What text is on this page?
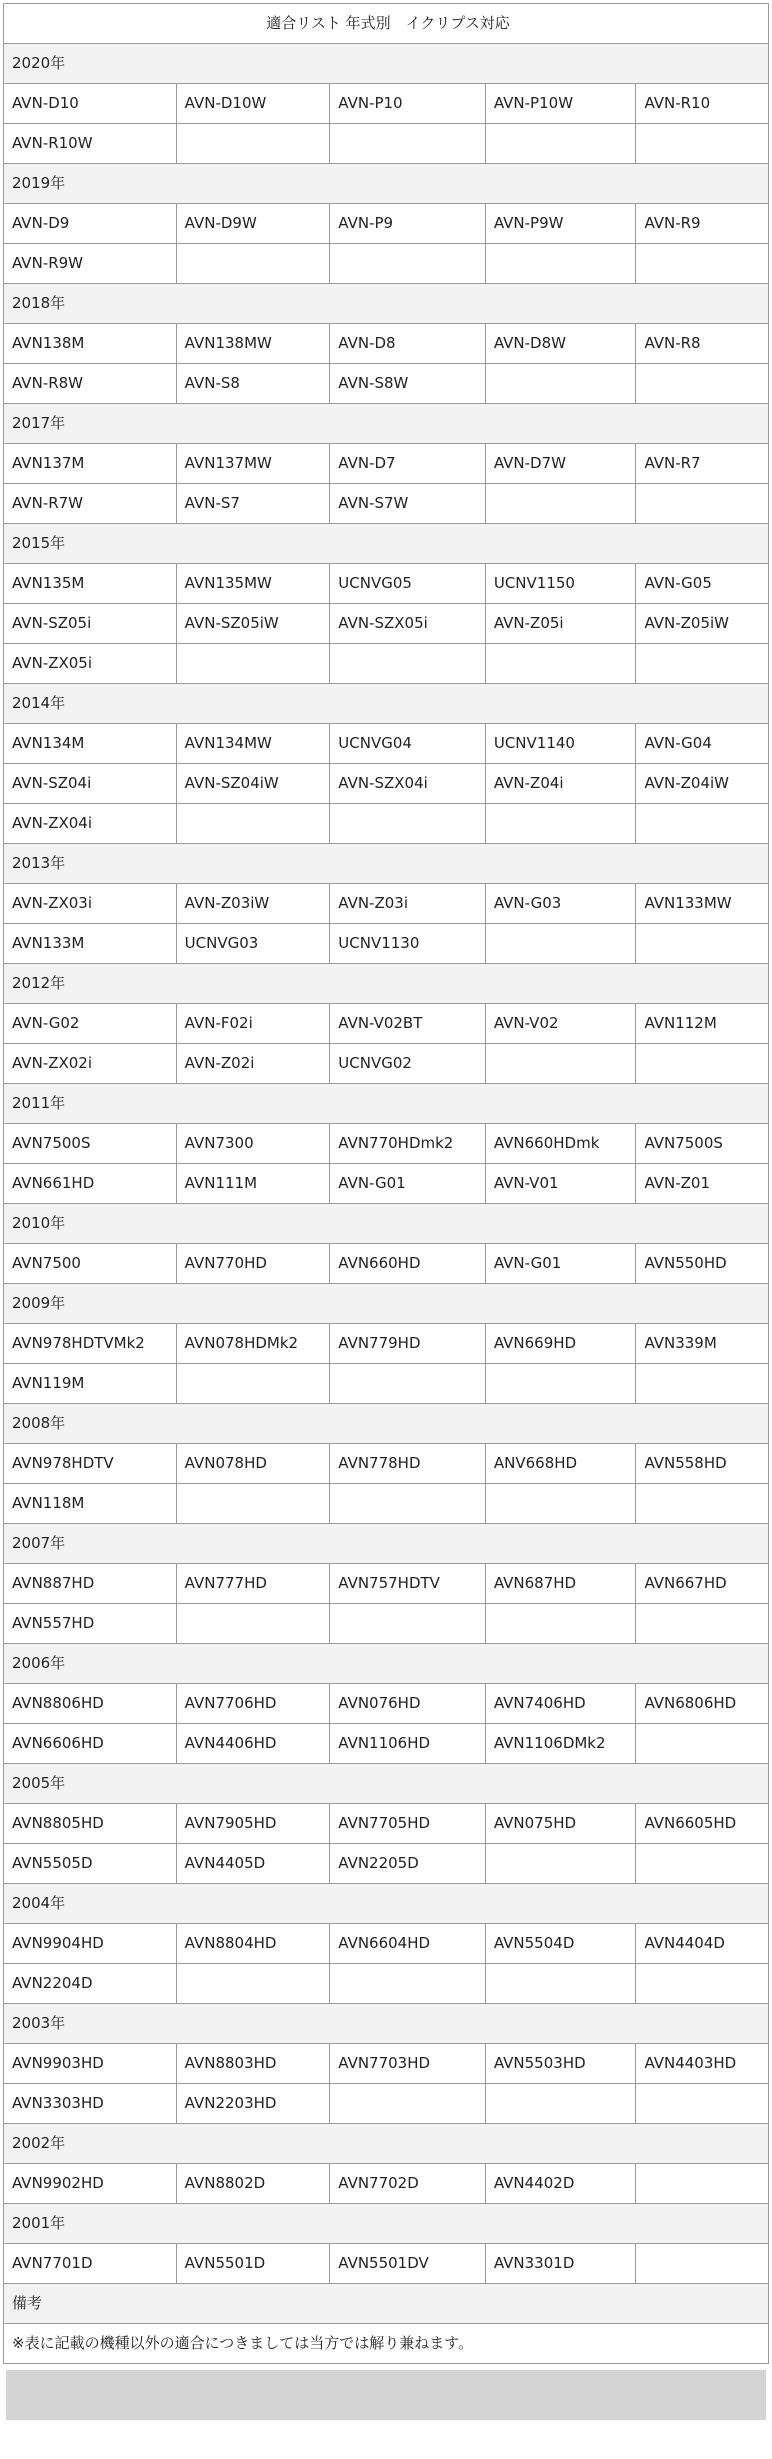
適合リスト 年式別　イクリプス対応				
2020年				
AVN-D10	AVN-D10W	AVN-P10	AVN-P10W	AVN-R10
AVN-R10W				
2019年				
AVN-D9	AVN-D9W	AVN-P9	AVN-P9W	AVN-R9
AVN-R9W				
2018年				
AVN138M	AVN138MW	AVN-D8	AVN-D8W	AVN-R8
AVN-R8W	AVN-S8	AVN-S8W		
2017年				
AVN137M	AVN137MW	AVN-D7	AVN-D7W	AVN-R7
AVN-R7W	AVN-S7	AVN-S7W		
2015年				
AVN135M	AVN135MW	UCNVG05	UCNV1150	AVN-G05
AVN-SZ05i	AVN-SZ05iW	AVN-SZX05i	AVN-Z05i	AVN-Z05iW
AVN-ZX05i				
2014年				
AVN134M	AVN134MW	UCNVG04	UCNV1140	AVN-G04
AVN-SZ04i	AVN-SZ04iW	AVN-SZX04i	AVN-Z04i	AVN-Z04iW
AVN-ZX04i				
2013年				
AVN-ZX03i	AVN-Z03iW	AVN-Z03i	AVN-G03	AVN133MW
AVN133M	UCNVG03	UCNV1130		
2012年				
AVN-G02	AVN-F02i	AVN-V02BT	AVN-V02	AVN112M
AVN-ZX02i	AVN-Z02i	UCNVG02		
2011年				
AVN7500S	AVN7300	AVN770HDmk2	AVN660HDmk	AVN7500S
AVN661HD	AVN111M	AVN-G01	AVN-V01	AVN-Z01
2010年				
AVN7500	AVN770HD	AVN660HD	AVN-G01	AVN550HD
2009年				
AVN978HDTVMk2	AVN078HDMk2	AVN779HD	AVN669HD	AVN339M
AVN119M				
2008年				
AVN978HDTV	AVN078HD	AVN778HD	ANV668HD	AVN558HD
AVN118M				
2007年				
AVN887HD	AVN777HD	AVN757HDTV	AVN687HD	AVN667HD
AVN557HD				
2006年				
AVN8806HD	AVN7706HD	AVN076HD	AVN7406HD	AVN6806HD
AVN6606HD	AVN4406HD	AVN1106HD	AVN1106DMk2	
2005年				
AVN8805HD	AVN7905HD	AVN7705HD	AVN075HD	AVN6605HD
AVN5505D	AVN4405D	AVN2205D		
2004年				
AVN9904HD	AVN8804HD	AVN6604HD	AVN5504D	AVN4404D
AVN2204D				
2003年				
AVN9903HD	AVN8803HD	AVN7703HD	AVN5503HD	AVN4403HD
AVN3303HD	AVN2203HD			
2002年				
AVN9902HD	AVN8802D	AVN7702D	AVN4402D	
2001年				
AVN7701D	AVN5501D	AVN5501DV	AVN3301D	
備考				
※表に記載の機種以外の適合につきましては当方では解り兼ねます。				
